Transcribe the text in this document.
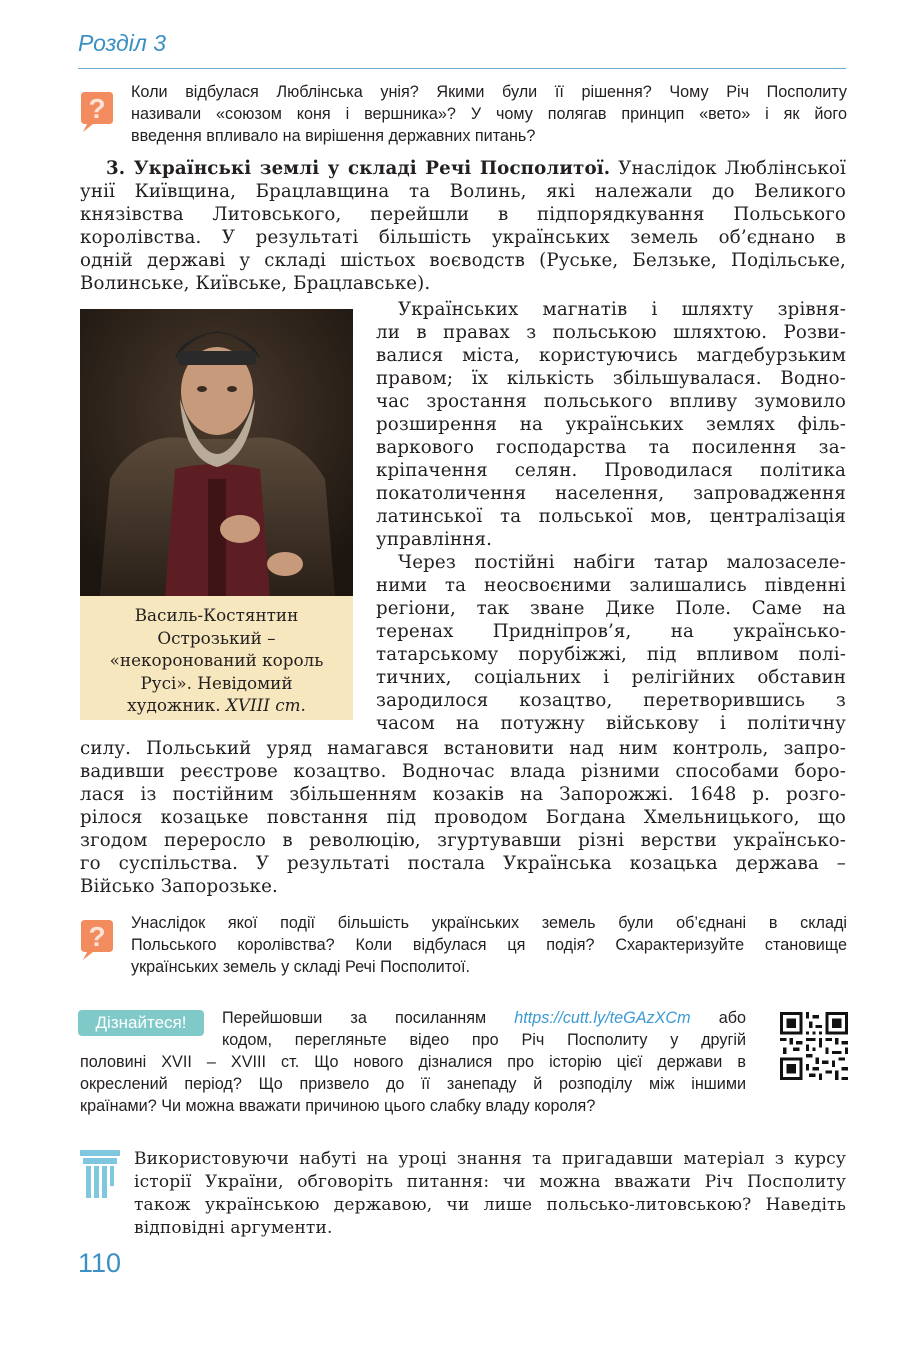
Розділ 3
?
Коли відбулася Люблінська унія? Якими були її рішення? Чому Річ Посполиту
називали «союзом коня і вершника»? У чому полягав принцип «вето» і як його
введення впливало на вирішення державних питань?
3. Українські землі у складі Речі Посполитої. Унаслідок Люблінської
унії Київщина, Брацлавщина та Волинь, які належали до Великого
князівства Литовського, перейшли в підпорядкування Польського
королівства. У результаті більшість українських земель об’єднано в
одній державі у складі шістьох воєводств (Руське, Белзьке, Подільське,
Волинське, Київське, Брацлавське).
Василь-Костянтин
Острозький –
«некоронований король
Русі». Невідомий
художник. XVIII ст.
Українських магнатів і шляхту зрівня-
ли в правах з польською шляхтою. Розви-
валися міста, користуючись магдебурзьким
правом; їх кількість збільшувалася. Водно-
час зростання польського впливу зумовило
розширення на українських землях філь-
варкового господарства та посилення за-
кріпачення селян. Проводилася політика
покатоличення населення, запровадження
латинської та польської мов, централізація
управління.
Через постійні набіги татар малозаселе-
ними та неосвоєними залишались південні
регіони, так зване Дике Поле. Саме на
теренах Придніпров’я, на українсько-
татарському порубіжжі, під впливом полі-
тичних, соціальних і релігійних обставин
зародилося козацтво, перетворившись з
часом на потужну військову і політичну
силу. Польський уряд намагався встановити над ним контроль, запро-
вадивши реєстрове козацтво. Водночас влада різними способами боро-
лася із постійним збільшенням козаків на Запорожжі. 1648 р. розго-
рілося козацьке повстання під проводом Богдана Хмельницького, що
згодом переросло в революцію, згуртувавши різні верстви українсько-
го суспільства. У результаті постала Українська козацька держава –
Військо Запорозьке.
? Унаслідок якої події більшість українських земель були об’єднані в складі
Польського королівства? Коли відбулася ця подія? Схарактеризуйте становище
українських земель у складі Речі Посполитої.
Дізнайтеся!	Перейшовши за посиланням https://cutt.ly/teGAzXCm або
кодом, перегляньте відео про Річ Посполиту у другій
половині XVII – XVIII ст. Що нового дізналися про історію цієї держави в
окреслений період? Що призвело до її занепаду й розподілу між іншими
країнами? Чи можна вважати причиною цього слабку владу короля?
Використовуючи набуті на уроці знання та пригадавши матеріал з курсу
історії України, обговоріть питання: чи можна вважати Річ Посполиту
також українською державою, чи лише польсько-литовською? Наведіть
відповідні аргументи.
110
